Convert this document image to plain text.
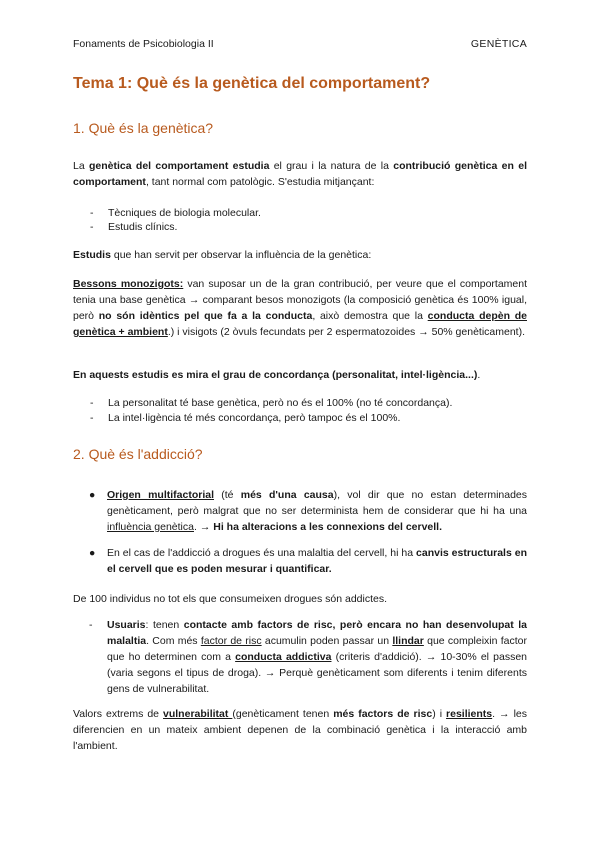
Fonaments de Psicobiologia II	GENÈTICA
Tema 1: Què és la genètica del comportament?
1. Què és la genètica?
La genètica del comportament estudia el grau i la natura de la contribució genètica en el comportament, tant normal com patològic. S'estudia mitjançant:
- Tècniques de biologia molecular.
- Estudis clínics.
Estudis que han servit per observar la influència de la genètica:
Bessons monozigots: van suposar un de la gran contribució, per veure que el comportament tenia una base genètica → comparant besos monozigots (la composició genètica és 100% igual, però no són idèntics pel que fa a la conducta, això demostra que la conducta depèn de genètica + ambient.) i visigots (2 òvuls fecundats per 2 espermatozoides → 50% genèticament).
En aquests estudis es mira el grau de concordança (personalitat, intel·ligència...).
- La personalitat té base genètica, però no és el 100% (no té concordança).
- La intel·ligència té més concordança, però tampoc és el 100%.
2. Què és l'addicció?
●	Origen multifactorial (té més d'una causa), vol dir que no estan determinades genèticament, però malgrat que no ser determinista hem de considerar que hi ha una influència genètica. → Hi ha alteracions a les connexions del cervell.
●	En el cas de l'addicció a drogues és una malaltia del cervell, hi ha canvis estructurals en el cervell que es poden mesurar i quantificar.
De 100 individus no tot els que consumeixen drogues són addictes.
-	Usuaris: tenen contacte amb factors de risc, però encara no han desenvolupat la malaltia. Com més factor de risc acumulin poden passar un llindar que compleixin factor que ho determinen com a conducta addictiva (criteris d'addició). → 10-30% el passen (varia segons el tipus de droga). → Perquè genèticament som diferents i tenim diferents gens de vulnerabilitat.
Valors extrems de vulnerabilitat (genèticament tenen més factors de risc) i resilients. → les diferencien en un mateix ambient depenen de la combinació genètica i la interacció amb l'ambient.
